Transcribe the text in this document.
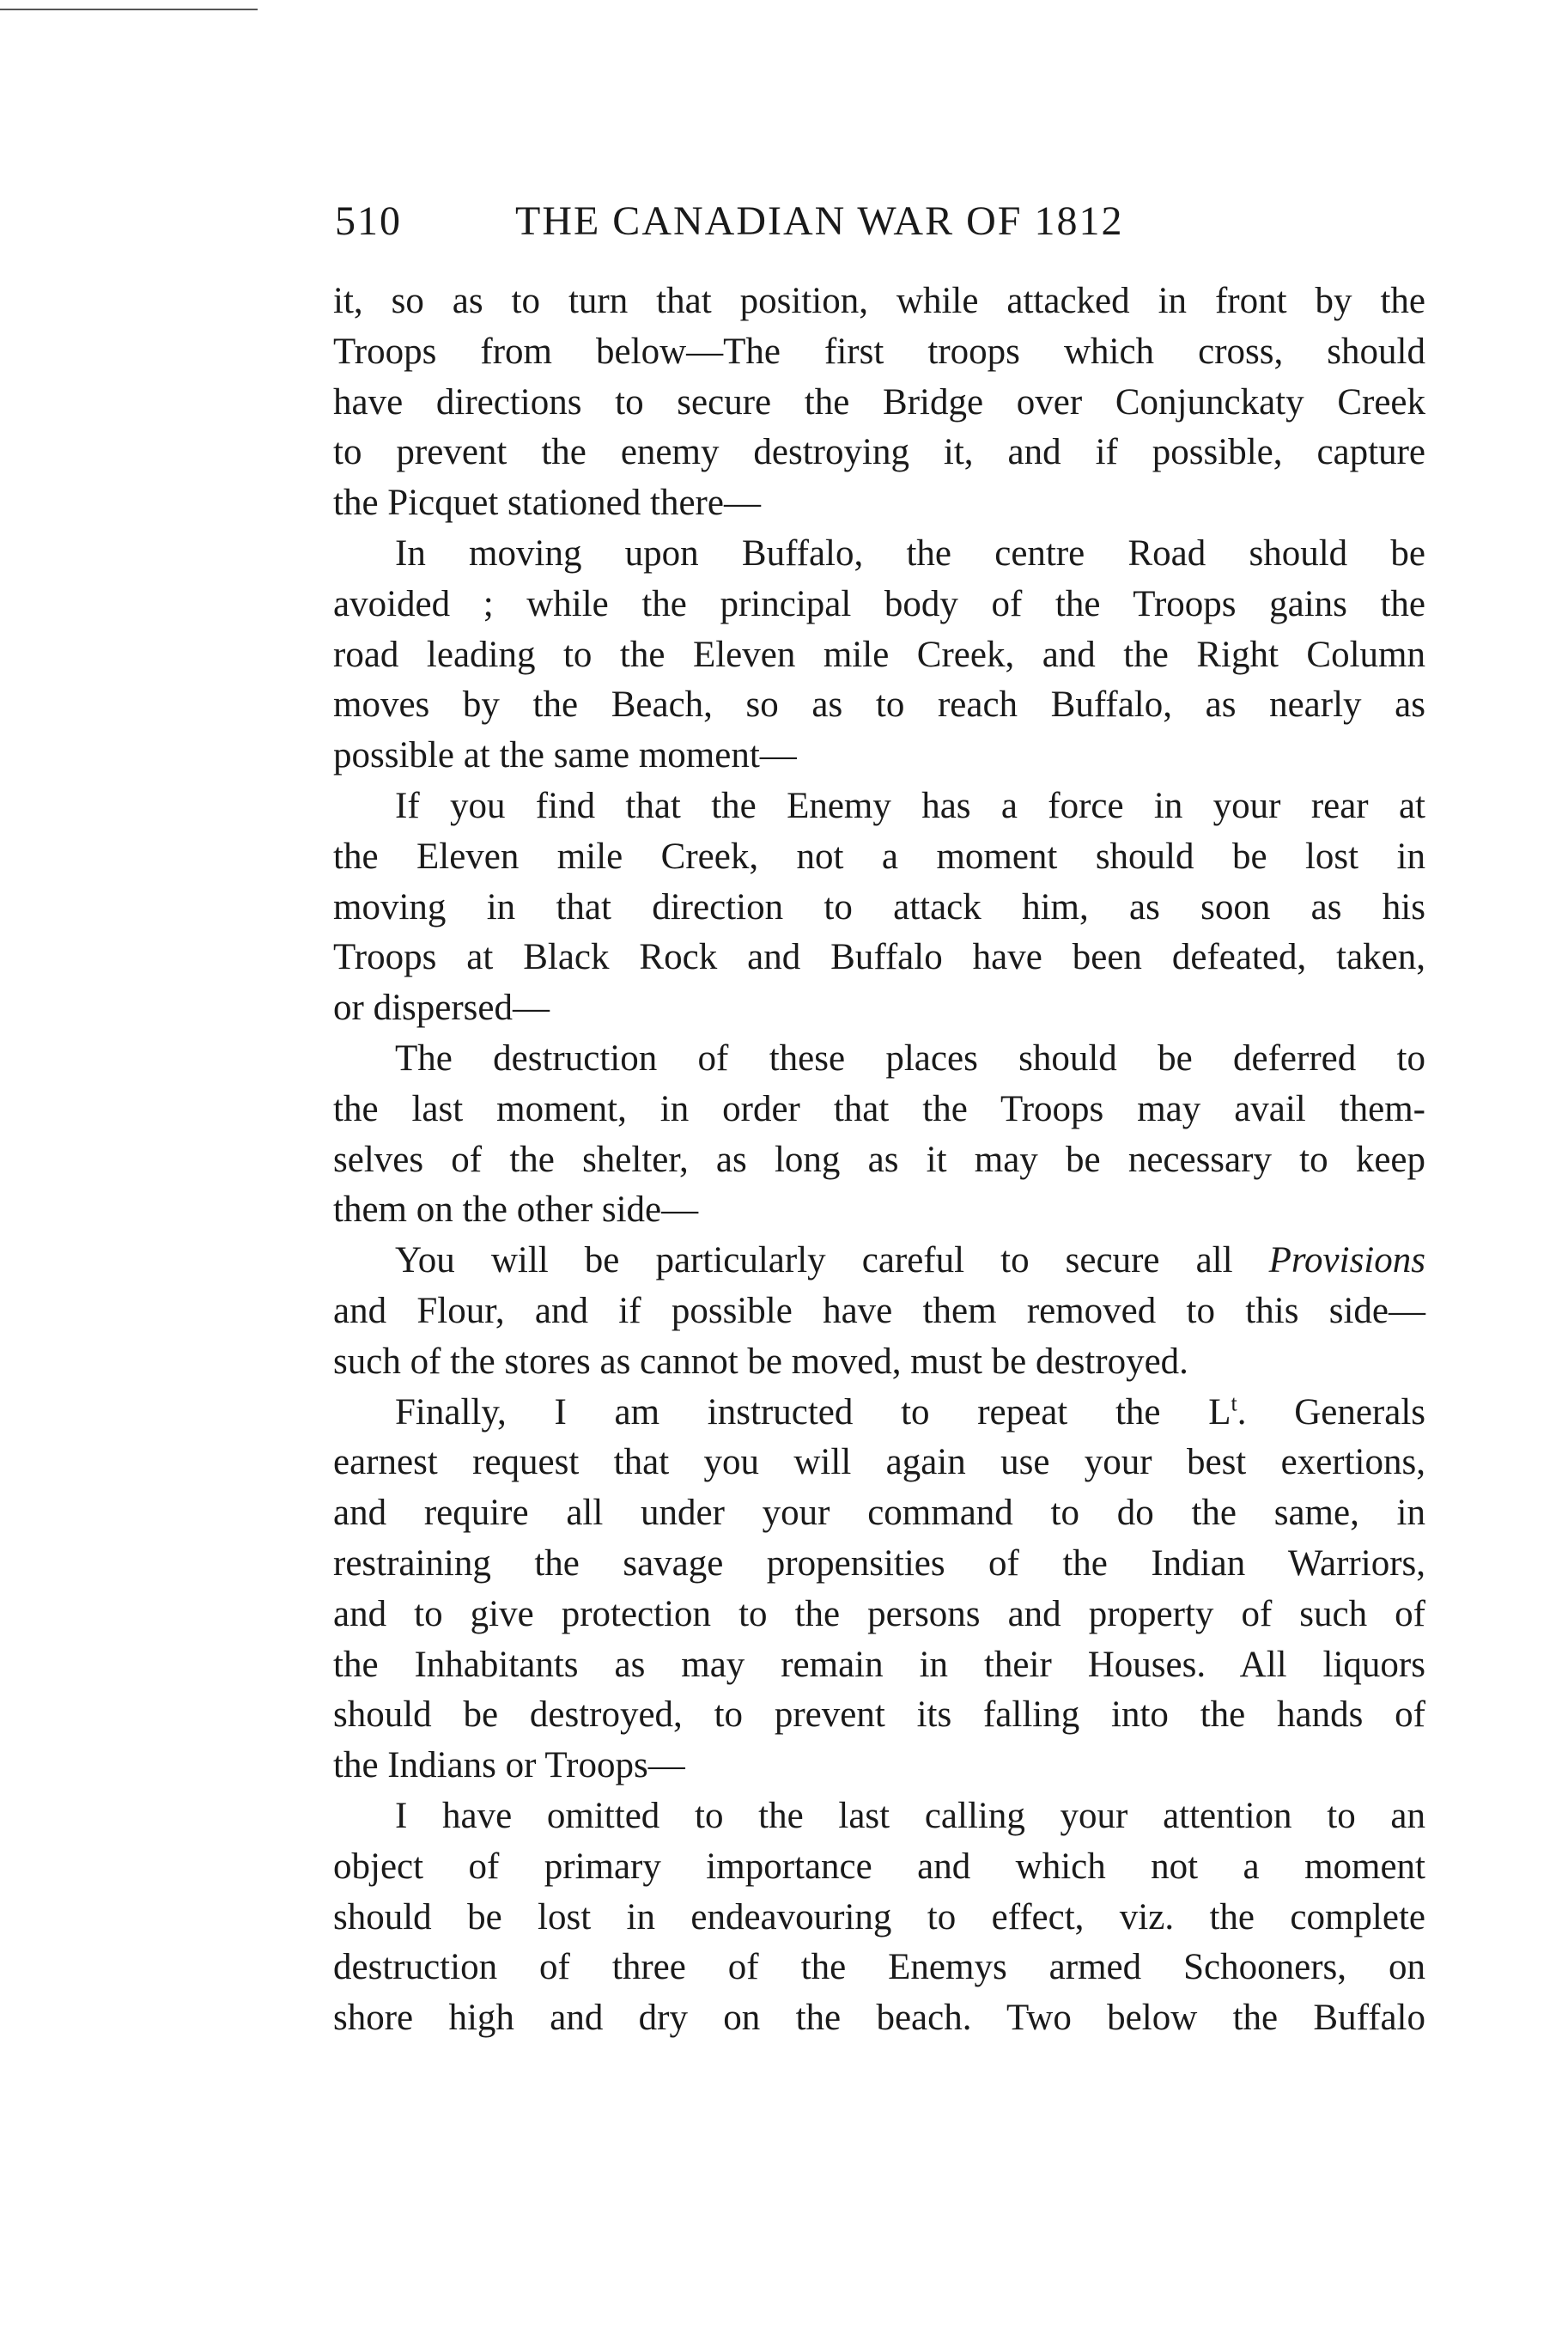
510	THE CANADIAN WAR OF 1812
it, so as to turn that position, while attacked in front by the
Troops from below—The first troops which cross, should
have directions to secure the Bridge over Conjunckaty Creek
to prevent the enemy destroying it, and if possible, capture
the Picquet stationed there—
In moving upon Buffalo, the centre Road should be
avoided ; while the principal body of the Troops gains the
road leading to the Eleven mile Creek, and the Right Column
moves by the Beach, so as to reach Buffalo, as nearly as
possible at the same moment—
If you find that the Enemy has a force in your rear at
the Eleven mile Creek, not a moment should be lost in
moving in that direction to attack him, as soon as his
Troops at Black Rock and Buffalo have been defeated, taken,
or dispersed—
The destruction of these places should be deferred to
the last moment, in order that the Troops may avail them-
selves of the shelter, as long as it may be necessary to keep
them on the other side—
You will be particularly careful to secure all Provisions
and Flour, and if possible have them removed to this side—
such of the stores as cannot be moved, must be destroyed.
Finally, I am instructed to repeat the $L^t$. Generals
earnest request that you will again use your best exertions,
and require all under your command to do the same, in
restraining the savage propensities of the Indian Warriors,
and to give protection to the persons and property of such of
the Inhabitants as may remain in their Houses. All liquors
should be destroyed, to prevent its falling into the hands of
the Indians or Troops—
I have omitted to the last calling your attention to an
object of primary importance and which not a moment
should be lost in endeavouring to effect, viz. the complete
destruction of three of the Enemys armed Schooners, on
shore high and dry on the beach. Two below the Buffalo
